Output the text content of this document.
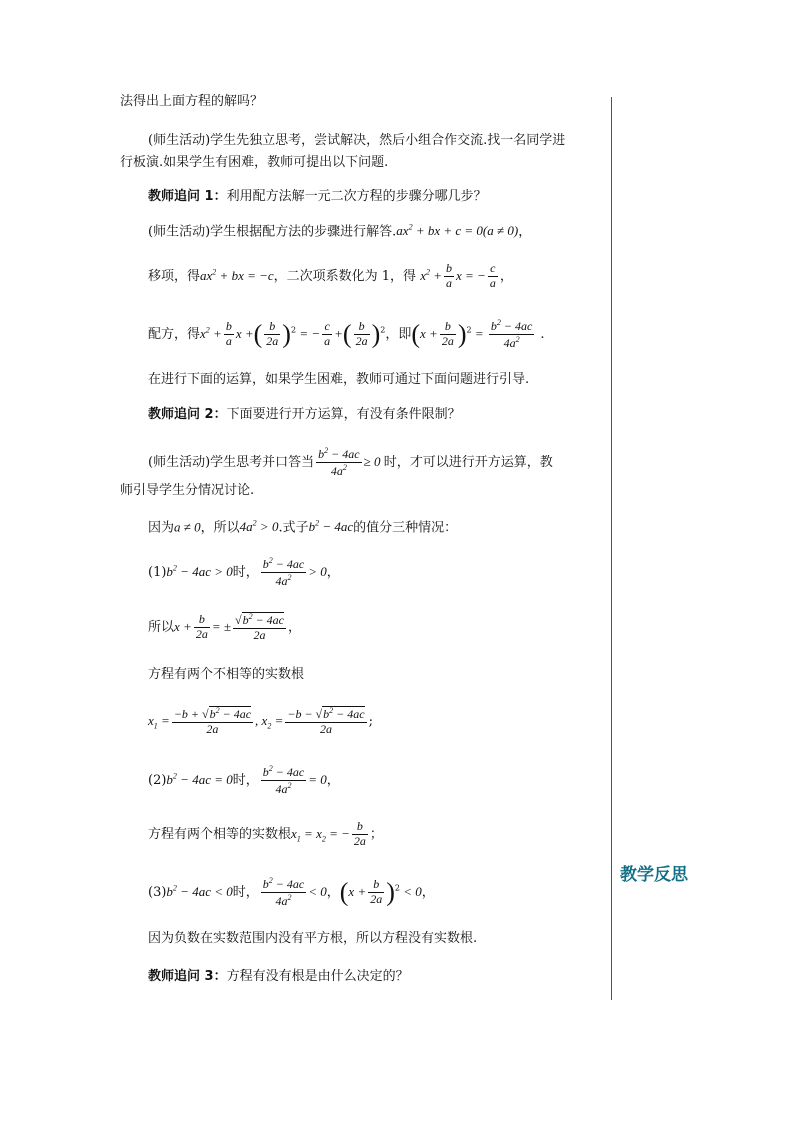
教学反思
法得出上面方程的解吗？
(师生活动)学生先独立思考，尝试解决，然后小组合作交流.找一名同学进
行板演.如果学生有困难，教师可提出以下问题.
教师追问 1：利用配方法解一元二次方程的步骤分哪几步？
(师生活动)学生根据配方法的步骤进行解答$.ax^2$ + bx + c = 0(a ≠ 0)，
移项，得$ax^2$ + bx = −c，二次项系数化为 1，得 $x^2 + \frac{b}{a}$ x = − $\frac{c}{a}$ ，
配方，得$x^2 + \frac{b}{a}$ x +( $\frac{b}{2a} )^2$ = − $\frac{c}{a}$ +( $\frac{b}{2a} )^2$，即$(x + \frac{b}{2a} )^2 = \frac{b^2 - 4ac}{4a^2}$ .
在进行下面的运算，如果学生困难，教师可通过下面问题进行引导.
教师追问 2：下面要进行开方运算，有没有条件限制？
(师生活动)学生思考并口答当 $\frac{b^2 - 4ac}{4a^2} \ge 0$ 时，才可以进行开方运算，教
师引导学生分情况讨论.
因为a ≠ 0，所以$4a^2 > 0$.式子$b^2 - 4ac$的值分三种情况：
$(1)b^2 - 4ac > 0$时， $\frac{b^2 - 4ac}{4a^2} > 0$，
所以$x + \frac{b}{2a}$ = ± $\frac{√b^2 - 4ac}{2a}$ ，
方程有两个不相等的实数根
$x_1 = \frac{-b + √b^2 - 4ac}{2a}$ , $x_2 = \frac{-b - √b^2 - 4ac}{2a}$ ;
$(2)b^2 - 4ac = 0$时， $\frac{b^2 - 4ac}{4a^2} = 0$，
方程有两个相等的实数根$x_1 = x_2$ = − $\frac{b}{2a}$ ；
$(3)b^2 - 4ac < 0$时， $\frac{b^2 - 4ac}{4a^2} < 0$，$(x + \frac{b}{2a} )^2 < 0$，
因为负数在实数范围内没有平方根，所以方程没有实数根.
教师追问 3：方程有没有根是由什么决定的？
